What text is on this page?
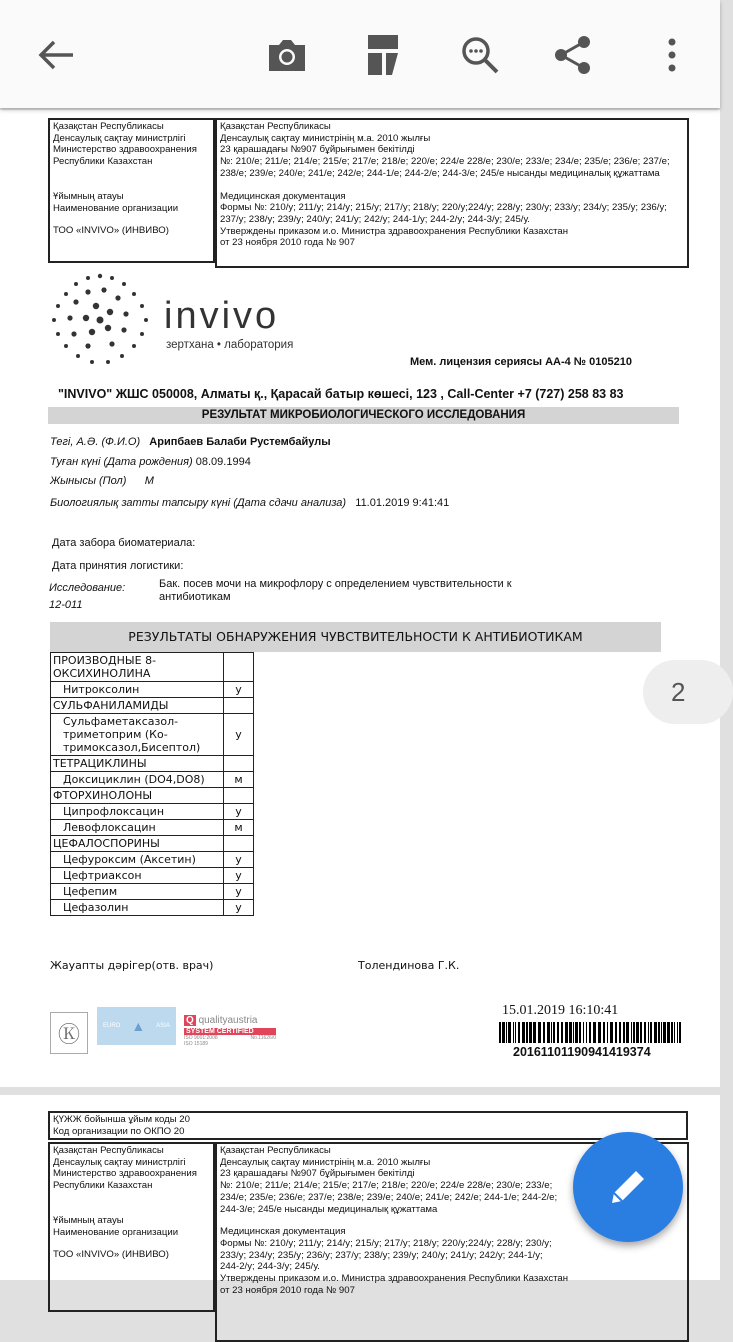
Қазақстан Республикасы
Денсаулық сақтау министрлігі
Министерство здравоохранения
Республики Казахстан
Ұйымның атауы
Наименование организации
ТОО «INVIVO» (ИНВИВО)
Қазақстан Республикасы
Денсаулық сақтау министрінің м.а. 2010 жылғы
23 қарашадағы №907 бұйрығымен бекітілді
№: 210/е; 211/е; 214/е; 215/е; 217/е; 218/е; 220/е; 224/е 228/е; 230/е; 233/е; 234/е; 235/е; 236/е; 237/е; 238/е; 239/е; 240/е; 241/е; 242/е; 244-1/е; 244-2/е; 244-3/е; 245/е нысанды медициналық құжаттама
Медицинская документация
Формы №: 210/у; 211/у; 214/у; 215/у; 217/у; 218/у; 220/у;224/у; 228/у; 230/у; 233/у; 234/у; 235/у; 236/у; 237/у; 238/у; 239/у; 240/у; 241/у; 242/у; 244-1/у; 244-2/у; 244-3/у; 245/у.
Утверждены приказом и.о. Министра здравоохранения Республики Казахстан
от 23 ноября 2010 года № 907
invivo
зертхана • лаборатория
Мем. лицензия сериясы АА-4 № 0105210
"INVIVO" ЖШС 050008, Алматы қ., Қарасай батыр көшесі, 123 , Call-Center +7 (727) 258 83 83
РЕЗУЛЬТАТ МИКРОБИОЛОГИЧЕСКОГО ИССЛЕДОВАНИЯ
Тегі, А.Ә. (Ф.И.О) Арипбаев Балаби Рустембайулы
Туған күні (Дата рождения) 08.09.1994
Жынысы (Пол) М
Биологиялық затты тапсыру күні (Дата сдачи анализа) 11.01.2019 9:41:41
Дата забора биоматериала:
Дата принятия логистики:
Исследование:
12-011
Бак. посев мочи на микрофлору с определением чувствительности к антибиотикам
РЕЗУЛЬТАТЫ ОБНАРУЖЕНИЯ ЧУВСТВИТЕЛЬНОСТИ К АНТИБИОТИКАМ
ПРОИЗВОДНЫЕ 8-ОКСИХИНОЛИНА	
Нитроксолин	у
СУЛЬФАНИЛАМИДЫ	
Сульфаметаксазол-триметоприм (Ко-тримоксазол,Бисептол)	у
ТЕТРАЦИКЛИНЫ	
Доксициклин (DO4,DO8)	м
ФТОРХИНОЛОНЫ	
Ципрофлоксацин	у
Левофлоксацин	м
ЦЕФАЛОСПОРИНЫ	
Цефуроксим (Аксетин)	у
Цефтриаксон	у
Цефепим	у
Цефазолин	у
Жауапты дәрігер(отв. врач)	Толендинова Г.К.
Ⓚ	EURO ▲ ASIA Q qualityaustria
SYSTEM CERTIFIED
ISO 9001:2008	No.11626/0
ISO 15189
15.01.2019 16:10:41
20161101190941419374
ҚҮЖЖ бойынша ұйым коды 20
Код организации по ОКПО 20
Қазақстан Республикасы
Денсаулық сақтау министрлігі
Министерство здравоохранения
Республики Казахстан
Ұйымның атауы
Наименование организации
ТОО «INVIVO» (ИНВИВО)
Қазақстан Республикасы
Денсаулық сақтау министрінің м.а. 2010 жылғы
23 қарашадағы №907 бұйрығымен бекітілді
№: 210/е; 211/е; 214/е; 215/е; 217/е; 218/е; 220/е; 224/е 228/е; 230/е; 233/е; 234/е; 235/е; 236/е; 237/е; 238/е; 239/е; 240/е; 241/е; 242/е; 244-1/е; 244-2/е; 244-3/е; 245/е нысанды медициналық құжаттама
Медицинская документация
Формы №: 210/у; 211/у; 214/у; 215/у; 217/у; 218/у; 220/у;224/у; 228/у; 230/у; 233/у; 234/у; 235/у; 236/у; 237/у; 238/у; 239/у; 240/у; 241/у; 242/у; 244-1/у; 244-2/у; 244-3/у; 245/у.
Утверждены приказом и.о. Министра здравоохранения Республики Казахстан
от 23 ноября 2010 года № 907
2
